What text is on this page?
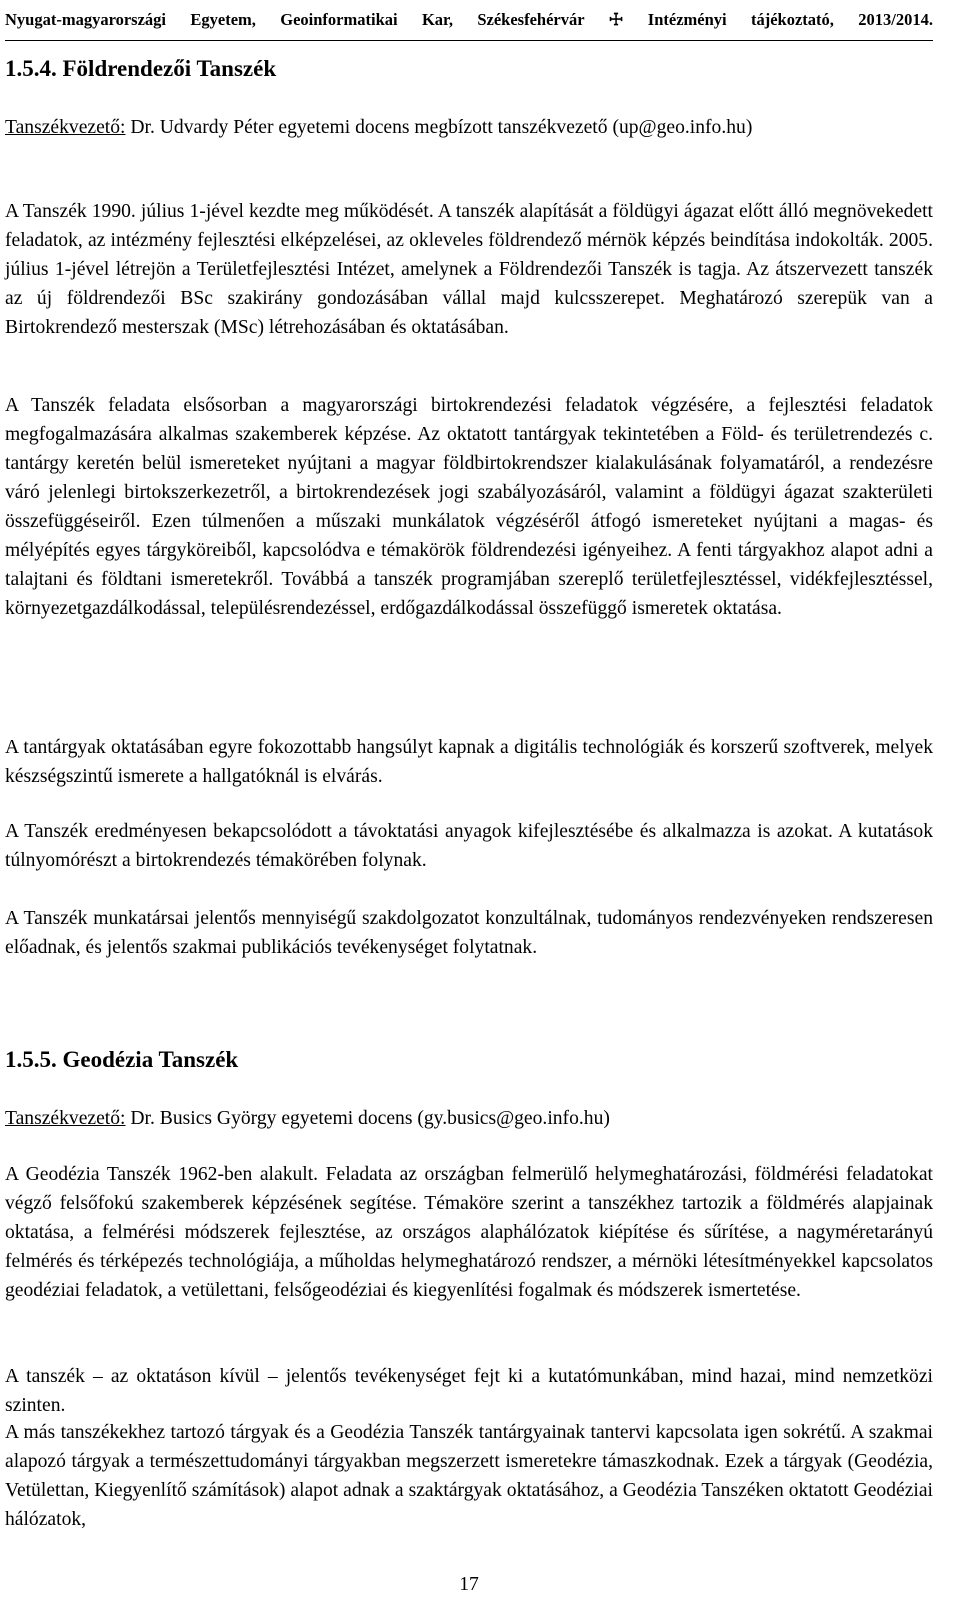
Nyugat-magyarországi Egyetem, Geoinformatikai Kar, Székesfehérvár ☩ Intézményi tájékoztató, 2013/2014.
1.5.4. Földrendezői Tanszék

Tanszékvezető: Dr. Udvardy Péter egyetemi docens megbízott tanszékvezető (up@geo.info.hu)

A Tanszék 1990. július 1-jével kezdte meg működését. A tanszék alapítását a földügyi ágazat előtt álló megnövekedett feladatok, az intézmény fejlesztési elképzelései, az okleveles földrendező mérnök képzés beindítása indokolták. 2005. július 1-jével létrejön a Területfejlesztési Intézet, amelynek a Földrendezői Tanszék is tagja. Az átszervezett tanszék az új földrendezői BSc szakirány gondozásában vállal majd kulcsszerepet. Meghatározó szerepük van a Birtokrendező mesterszak (MSc) létrehozásában és oktatásában.

A Tanszék feladata elsősorban a magyarországi birtokrendezési feladatok végzésére, a fejlesztési feladatok megfogalmazására alkalmas szakemberek képzése. Az oktatott tantárgyak tekintetében a Föld- és területrendezés c. tantárgy keretén belül ismereteket nyújtani a magyar földbirtokrendszer kialakulásának folyamatáról, a rendezésre váró jelenlegi birtokszerkezetről, a birtokrendezések jogi szabályozásáról, valamint a földügyi ágazat szakterületi összefüggéseiről. Ezen túlmenően a műszaki munkálatok végzéséről átfogó ismereteket nyújtani a magas- és mélyépítés egyes tárgyköreiből, kapcsolódva e témakörök földrendezési igényeihez. A fenti tárgyakhoz alapot adni a talajtani és földtani ismeretekről. Továbbá a tanszék programjában szereplő területfejlesztéssel, vidékfejlesztéssel, környezetgazdálkodással, településrendezéssel, erdőgazdálkodással összefüggő ismeretek oktatása.

A tantárgyak oktatásában egyre fokozottabb hangsúlyt kapnak a digitális technológiák és korszerű szoftverek, melyek készségszintű ismerete a hallgatóknál is elvárás.

A Tanszék eredményesen bekapcsolódott a távoktatási anyagok kifejlesztésébe és alkalmazza is azokat. A kutatások túlnyomórészt a birtokrendezés témakörében folynak.

A Tanszék munkatársai jelentős mennyiségű szakdolgozatot konzultálnak, tudományos rendezvényeken rendszeresen előadnak, és jelentős szakmai publikációs tevékenységet folytatnak.

1.5.5. Geodézia Tanszék

Tanszékvezető: Dr. Busics György egyetemi docens (gy.busics@geo.info.hu)

A Geodézia Tanszék 1962-ben alakult. Feladata az országban felmerülő helymeghatározási, földmérési feladatokat végző felsőfokú szakemberek képzésének segítése. Témaköre szerint a tanszékhez tartozik a földmérés alapjainak oktatása, a felmérési módszerek fejlesztése, az országos alaphálózatok kiépítése és sűrítése, a nagyméretarányú felmérés és térképezés technológiája, a műholdas helymeghatározó rendszer, a mérnöki létesítményekkel kapcsolatos geodéziai feladatok, a vetülettani, felsőgeodéziai és kiegyenlítési fogalmak és módszerek ismertetése.

A tanszék – az oktatáson kívül – jelentős tevékenységet fejt ki a kutatómunkában, mind hazai, mind nemzetközi szinten.

A más tanszékekhez tartozó tárgyak és a Geodézia Tanszék tantárgyainak tantervi kapcsolata igen sokrétű. A szakmai alapozó tárgyak a természettudományi tárgyakban megszerzett ismeretekre támaszkodnak. Ezek a tárgyak (Geodézia, Vetülettan, Kiegyenlítő számítások) alapot adnak a szaktárgyak oktatásához, a Geodézia Tanszéken oktatott Geodéziai hálózatok,

17
